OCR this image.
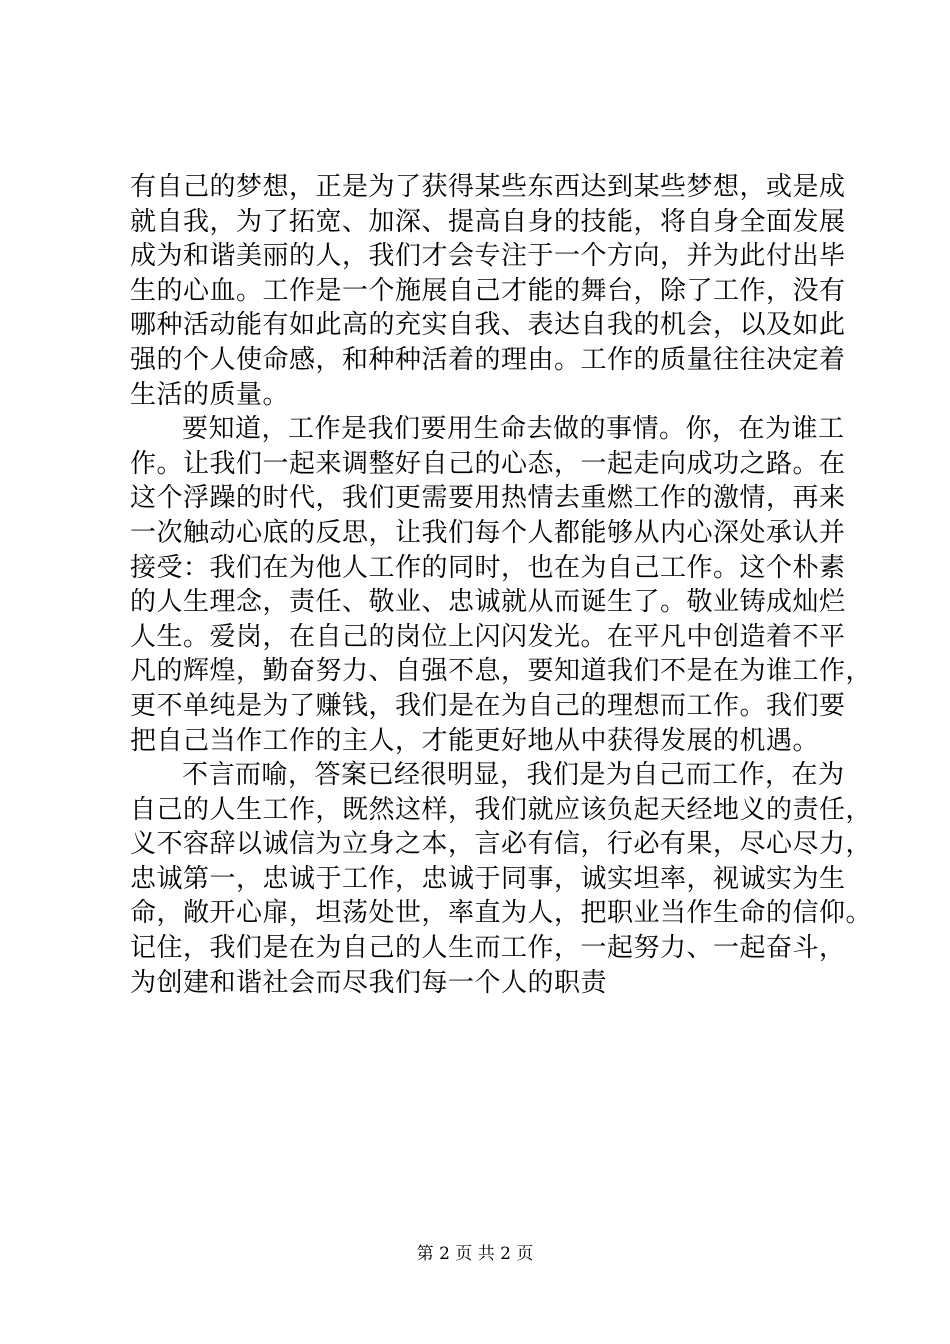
有自己的梦想，正是为了获得某些东西达到某些梦想，或是成
就自我，为了拓宽、加深、提高自身的技能，将自身全面发展
成为和谐美丽的人，我们才会专注于一个方向，并为此付出毕
生的心血。工作是一个施展自己才能的舞台，除了工作，没有
哪种活动能有如此高的充实自我、表达自我的机会，以及如此
强的个人使命感，和种种活着的理由。工作的质量往往决定着
生活的质量。
要知道，工作是我们要用生命去做的事情。你，在为谁工
作。让我们一起来调整好自己的心态，一起走向成功之路。在
这个浮躁的时代，我们更需要用热情去重燃工作的激情，再来
一次触动心底的反思，让我们每个人都能够从内心深处承认并
接受：我们在为他人工作的同时，也在为自己工作。这个朴素
的人生理念，责任、敬业、忠诚就从而诞生了。敬业铸成灿烂
人生。爱岗，在自己的岗位上闪闪发光。在平凡中创造着不平
凡的辉煌，勤奋努力、自强不息，要知道我们不是在为谁工作，
更不单纯是为了赚钱，我们是在为自己的理想而工作。我们要
把自己当作工作的主人，才能更好地从中获得发展的机遇。
不言而喻，答案已经很明显，我们是为自己而工作，在为
自己的人生工作，既然这样，我们就应该负起天经地义的责任，
义不容辞以诚信为立身之本，言必有信，行必有果，尽心尽力，
忠诚第一，忠诚于工作，忠诚于同事，诚实坦率，视诚实为生
命，敞开心扉，坦荡处世，率直为人，把职业当作生命的信仰。
记住，我们是在为自己的人生而工作，一起努力、一起奋斗，
为创建和谐社会而尽我们每一个人的职责
第 2 页 共 2 页
